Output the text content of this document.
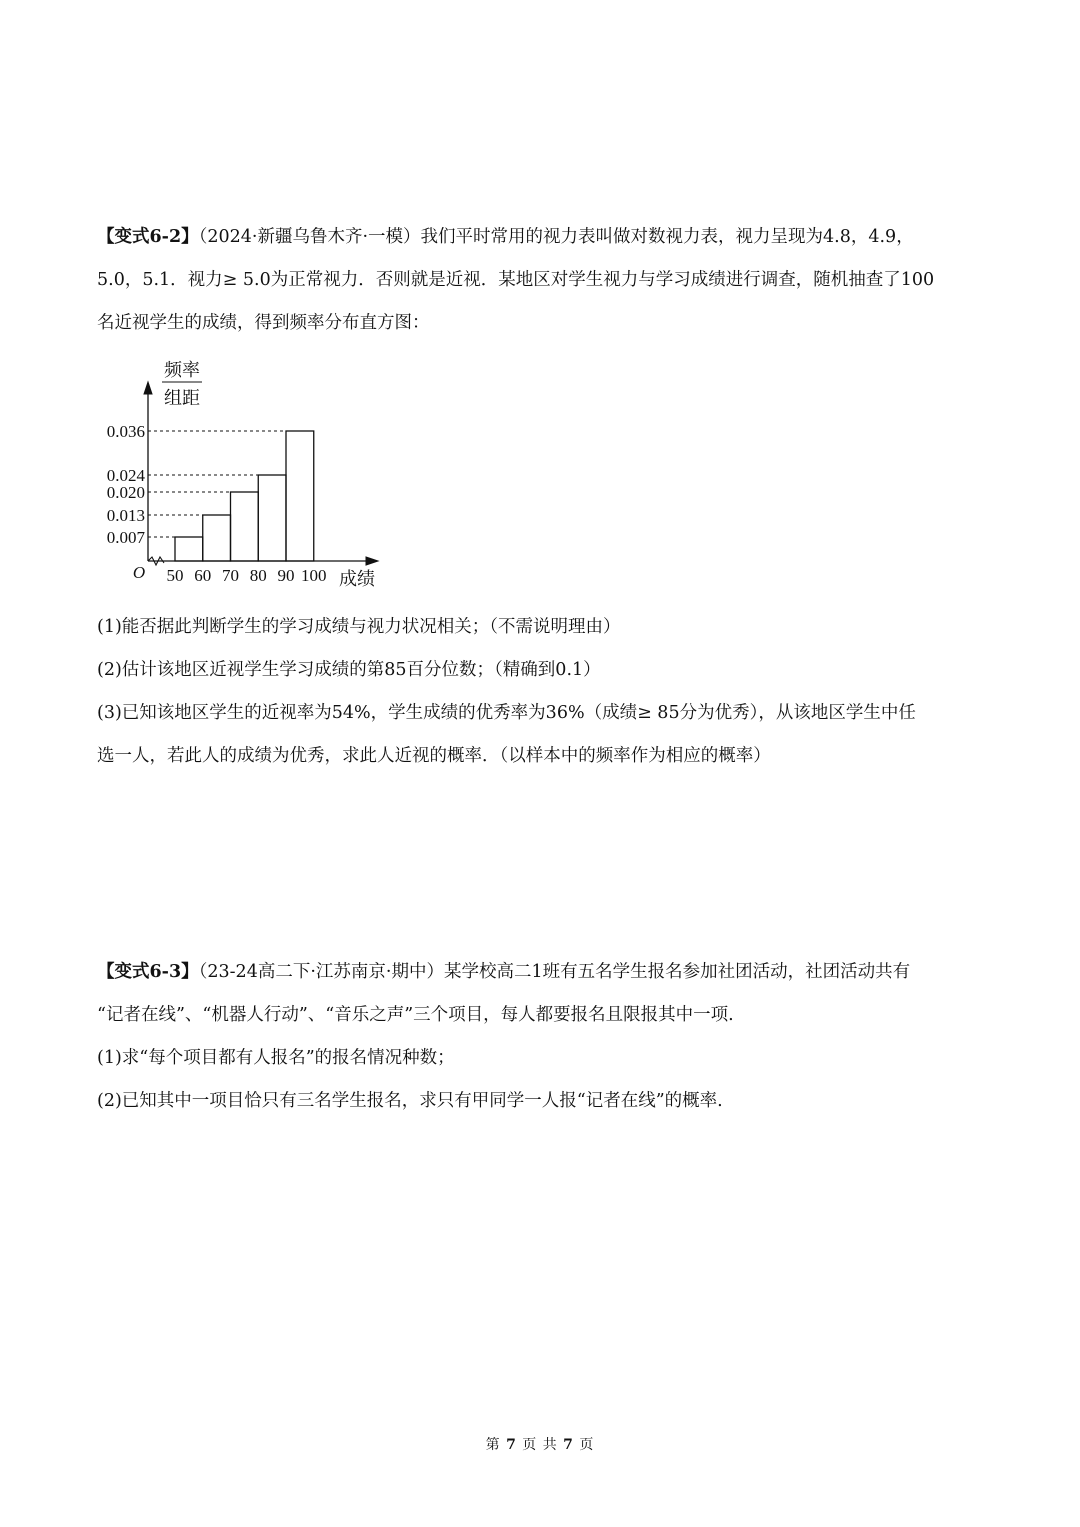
【变式6-2】（2024·新疆乌鲁木齐·一模）我们平时常用的视力表叫做对数视力表，视力呈现为4.8，4.9，
5.0，5.1．视力≥ 5.0为正常视力．否则就是近视．某地区对学生视力与学习成绩进行调查，随机抽查了100
名近视学生的成绩，得到频率分布直方图：
0.036
0.024
0.020
0.013
0.007
50 60 70 80 90 100
O	成绩
频率
组距
(1)能否据此判断学生的学习成绩与视力状况相关；（不需说明理由）
(2)估计该地区近视学生学习成绩的第85百分位数；（精确到0.1）
(3)已知该地区学生的近视率为54%，学生成绩的优秀率为36%（成绩≥ 85分为优秀），从该地区学生中任
选一人，若此人的成绩为优秀，求此人近视的概率．（以样本中的频率作为相应的概率）
【变式6-3】（23-24高二下·江苏南京·期中）某学校高二1班有五名学生报名参加社团活动，社团活动共有
“记者在线”、“机器人行动”、“音乐之声”三个项目，每人都要报名且限报其中一项.
(1)求“每个项目都有人报名”的报名情况种数；
(2)已知其中一项目恰只有三名学生报名，求只有甲同学一人报“记者在线”的概率.
第 7 页 共 7 页
